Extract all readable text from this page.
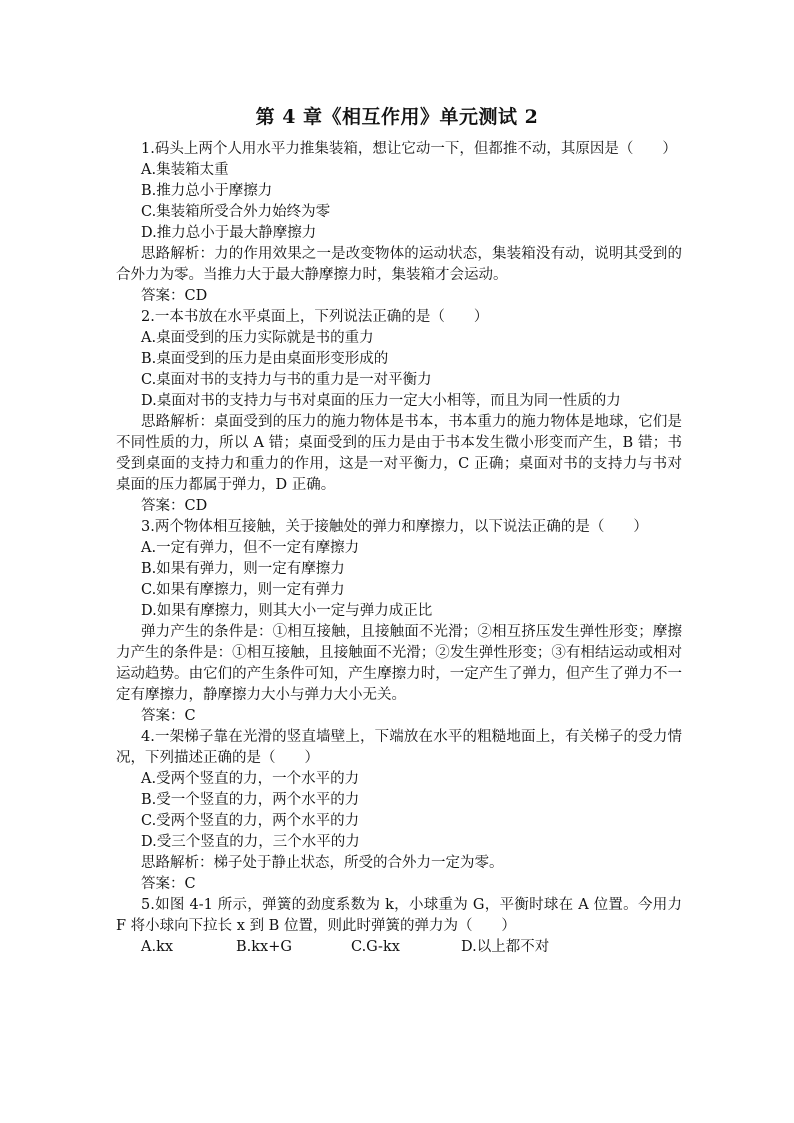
第 4 章《相互作用》单元测试 2

1.码头上两个人用水平力推集装箱，想让它动一下，但都推不动，其原因是（　　）

A.集装箱太重

B.推力总小于摩擦力

C.集装箱所受合外力始终为零

D.推力总小于最大静摩擦力

思路解析：力的作用效果之一是改变物体的运动状态，集装箱没有动，说明其受到的合外力为零。当推力大于最大静摩擦力时，集装箱才会运动。

答案：CD

2.一本书放在水平桌面上，下列说法正确的是（　　）

A.桌面受到的压力实际就是书的重力

B.桌面受到的压力是由桌面形变形成的

C.桌面对书的支持力与书的重力是一对平衡力

D.桌面对书的支持力与书对桌面的压力一定大小相等，而且为同一性质的力

思路解析：桌面受到的压力的施力物体是书本，书本重力的施力物体是地球，它们是不同性质的力，所以 A 错；桌面受到的压力是由于书本发生微小形变而产生，B 错；书受到桌面的支持力和重力的作用，这是一对平衡力，C 正确；桌面对书的支持力与书对桌面的压力都属于弹力，D 正确。

答案：CD

3.两个物体相互接触，关于接触处的弹力和摩擦力，以下说法正确的是（　　）

A.一定有弹力，但不一定有摩擦力

B.如果有弹力，则一定有摩擦力

C.如果有摩擦力，则一定有弹力

D.如果有摩擦力，则其大小一定与弹力成正比

弹力产生的条件是：①相互接触，且接触面不光滑；②相互挤压发生弹性形变；摩擦力产生的条件是：①相互接触，且接触面不光滑；②发生弹性形变；③有相结运动或相对运动趋势。由它们的产生条件可知，产生摩擦力时，一定产生了弹力，但产生了弹力不一定有摩擦力，静摩擦力大小与弹力大小无关。

答案：C

4.一架梯子靠在光滑的竖直墙壁上，下端放在水平的粗糙地面上，有关梯子的受力情况，下列描述正确的是（　　）

A.受两个竖直的力，一个水平的力

B.受一个竖直的力，两个水平的力

C.受两个竖直的力，两个水平的力

D.受三个竖直的力，三个水平的力

思路解析：梯子处于静止状态，所受的合外力一定为零。

答案：C

5.如图 4-1 所示，弹簧的劲度系数为 k，小球重为 G，平衡时球在 A 位置。今用力 F 将小球向下拉长 x 到 B 位置，则此时弹簧的弹力为（　　）

A.kx	B.kx+G	C.G-kx	D.以上都不对
